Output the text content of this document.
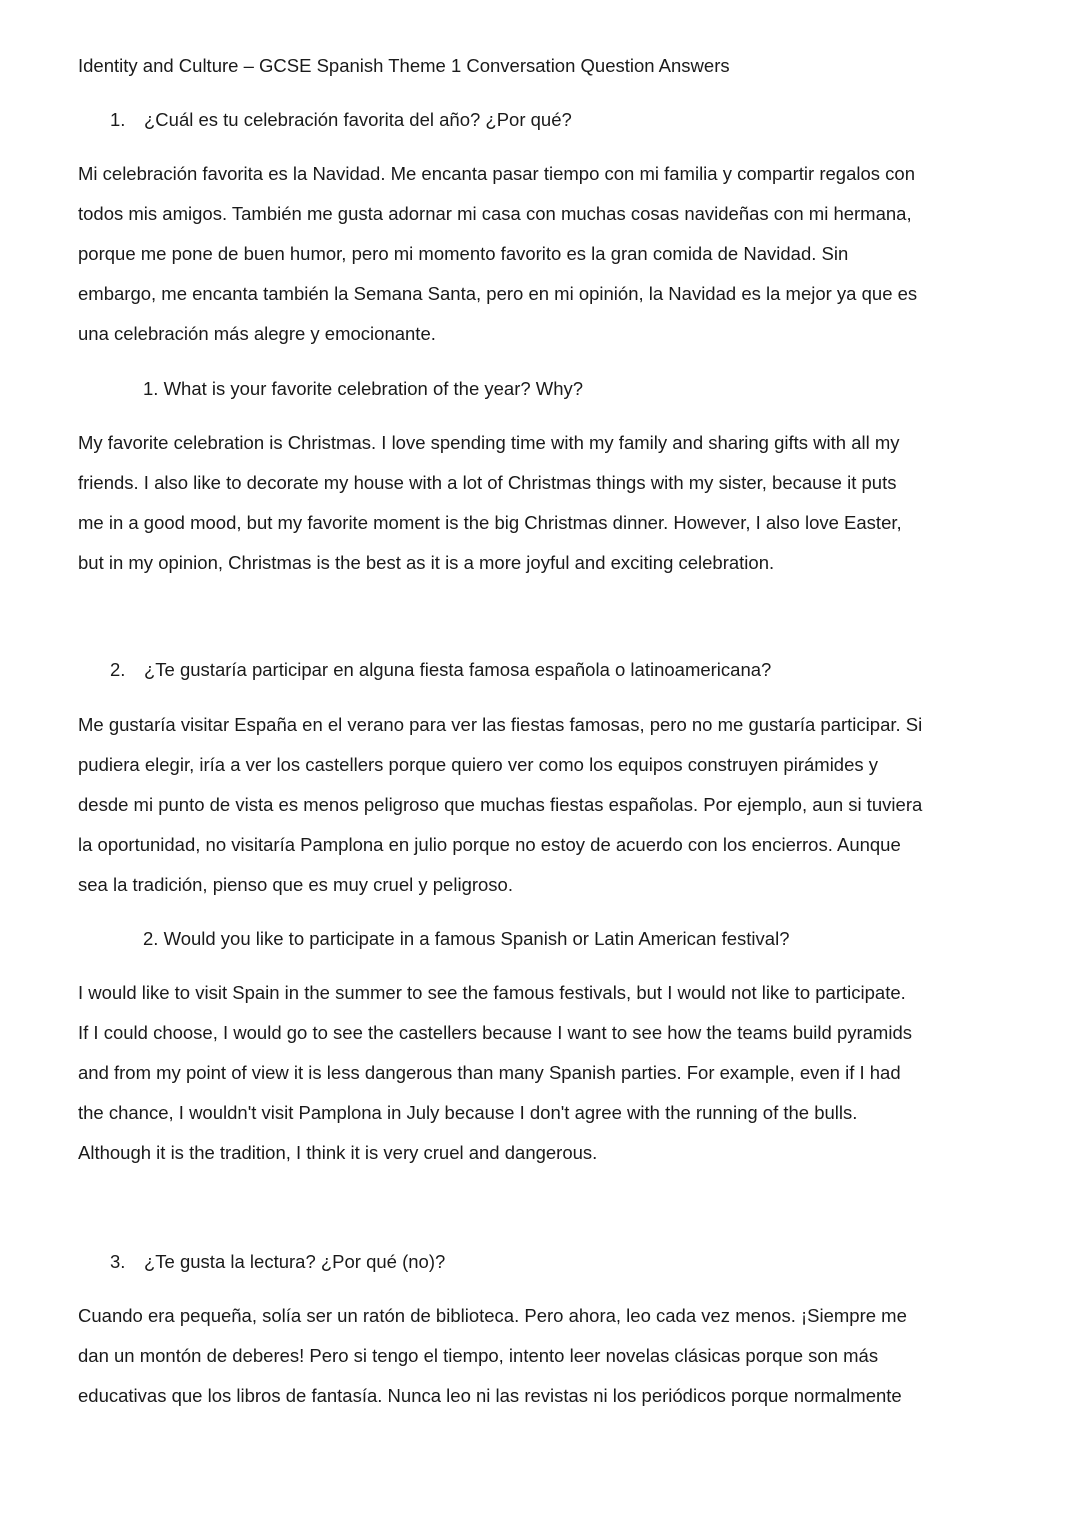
Identity and Culture – GCSE Spanish Theme 1 Conversation Question Answers
1. ¿Cuál es tu celebración favorita del año? ¿Por qué?
Mi celebración favorita es la Navidad. Me encanta pasar tiempo con mi familia y compartir regalos con
todos mis amigos. También me gusta adornar mi casa con muchas cosas navideñas con mi hermana,
porque me pone de buen humor, pero mi momento favorito es la gran comida de Navidad. Sin
embargo, me encanta también la Semana Santa, pero en mi opinión, la Navidad es la mejor ya que es
una celebración más alegre y emocionante.
1. What is your favorite celebration of the year? Why?
My favorite celebration is Christmas. I love spending time with my family and sharing gifts with all my
friends. I also like to decorate my house with a lot of Christmas things with my sister, because it puts
me in a good mood, but my favorite moment is the big Christmas dinner. However, I also love Easter,
but in my opinion, Christmas is the best as it is a more joyful and exciting celebration.
2. ¿Te gustaría participar en alguna fiesta famosa española o latinoamericana?
Me gustaría visitar España en el verano para ver las fiestas famosas, pero no me gustaría participar. Si
pudiera elegir, iría a ver los castellers porque quiero ver como los equipos construyen pirámides y
desde mi punto de vista es menos peligroso que muchas fiestas españolas. Por ejemplo, aun si tuviera
la oportunidad, no visitaría Pamplona en julio porque no estoy de acuerdo con los encierros. Aunque
sea la tradición, pienso que es muy cruel y peligroso.
2. Would you like to participate in a famous Spanish or Latin American festival?
I would like to visit Spain in the summer to see the famous festivals, but I would not like to participate.
If I could choose, I would go to see the castellers because I want to see how the teams build pyramids
and from my point of view it is less dangerous than many Spanish parties. For example, even if I had
the chance, I wouldn't visit Pamplona in July because I don't agree with the running of the bulls.
Although it is the tradition, I think it is very cruel and dangerous.
3. ¿Te gusta la lectura? ¿Por qué (no)?
Cuando era pequeña, solía ser un ratón de biblioteca. Pero ahora, leo cada vez menos. ¡Siempre me
dan un montón de deberes! Pero si tengo el tiempo, intento leer novelas clásicas porque son más
educativas que los libros de fantasía. Nunca leo ni las revistas ni los periódicos porque normalmente
